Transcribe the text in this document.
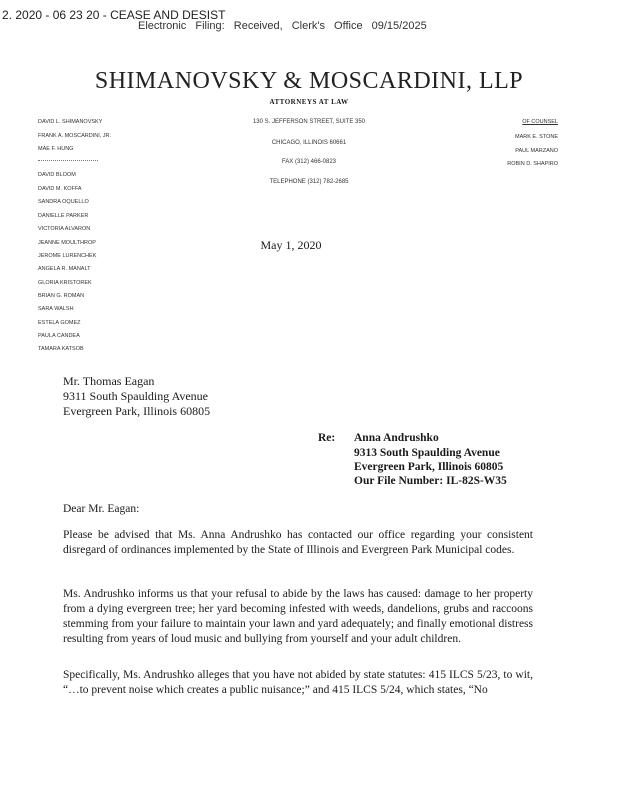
2. 2020 - 06 23 20 - CEASE AND DESIST
Electronic Filing: Received, Clerk's Office 09/15/2025
SHIMANOVSKY & MOSCARDINI, LLP
ATTORNEYS AT LAW
DAVID L. SHIMANOVSKY
FRANK A. MOSCARDINI, JR.
MAE F. HUNG
DAVID BLOOM
DAVID M. KOFFA
SANDRA OQUELLO
DANIELLE PARKER
VICTORIA ALVARON
JEANNE MOULTHROP
JEROME LURENCHEK
ANGELA R. MANALT
GLORIA KRISTOREK
BRIAN G. ROMAN
SARA WALSH
ESTELA GOMEZ
PAULA CANDEA
TAMARA KATSOB
130 S. JEFFERSON STREET, SUITE 350
CHICAGO, ILLINOIS 60661
FAX (312) 466-0823
TELEPHONE (312) 782-2685
OF COUNSEL
MARK E. STONE
PAUL MARZANO
ROBIN D. SHAPIRO
May 1, 2020
Mr. Thomas Eagan
9311 South Spaulding Avenue
Evergreen Park, Illinois 60805
Re: Anna Andrushko
9313 South Spaulding Avenue
Evergreen Park, Illinois 60805
Our File Number: IL-82S-W35
Dear Mr. Eagan:
Please be advised that Ms. Anna Andrushko has contacted our office regarding your consistent disregard of ordinances implemented by the State of Illinois and Evergreen Park Municipal codes.
Ms. Andrushko informs us that your refusal to abide by the laws has caused: damage to her property from a dying evergreen tree; her yard becoming infested with weeds, dandelions, grubs and raccoons stemming from your failure to maintain your lawn and yard adequately; and finally emotional distress resulting from years of loud music and bullying from yourself and your adult children.
Specifically, Ms. Andrushko alleges that you have not abided by state statutes: 415 ILCS 5/23, to wit, “…to prevent noise which creates a public nuisance;” and 415 ILCS 5/24, which states, “No
